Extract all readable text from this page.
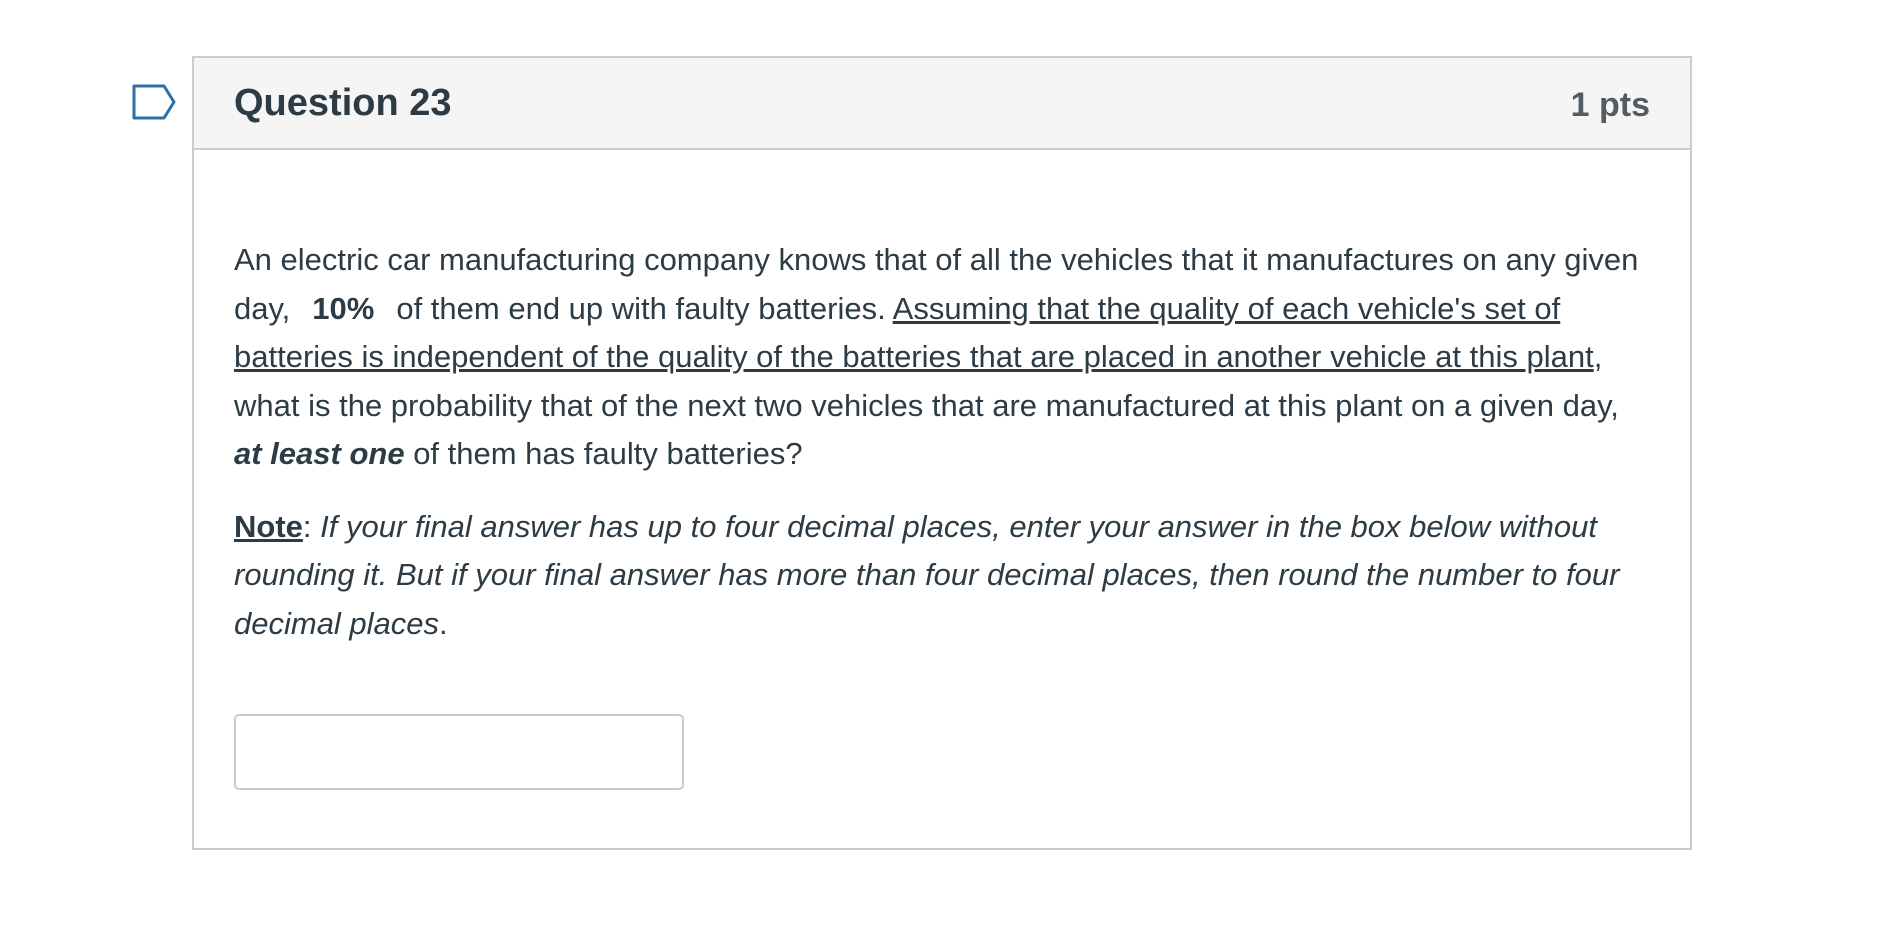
Question 23	1 pts

An electric car manufacturing company knows that of all the vehicles that it manufactures on any given day, 10% of them end up with faulty batteries. Assuming that the quality of each vehicle's set of batteries is independent of the quality of the batteries that are placed in another vehicle at this plant, what is the probability that of the next two vehicles that are manufactured at this plant on a given day, at least one of them has faulty batteries?

Note: If your final answer has up to four decimal places, enter your answer in the box below without rounding it. But if your final answer has more than four decimal places, then round the number to four decimal places.
